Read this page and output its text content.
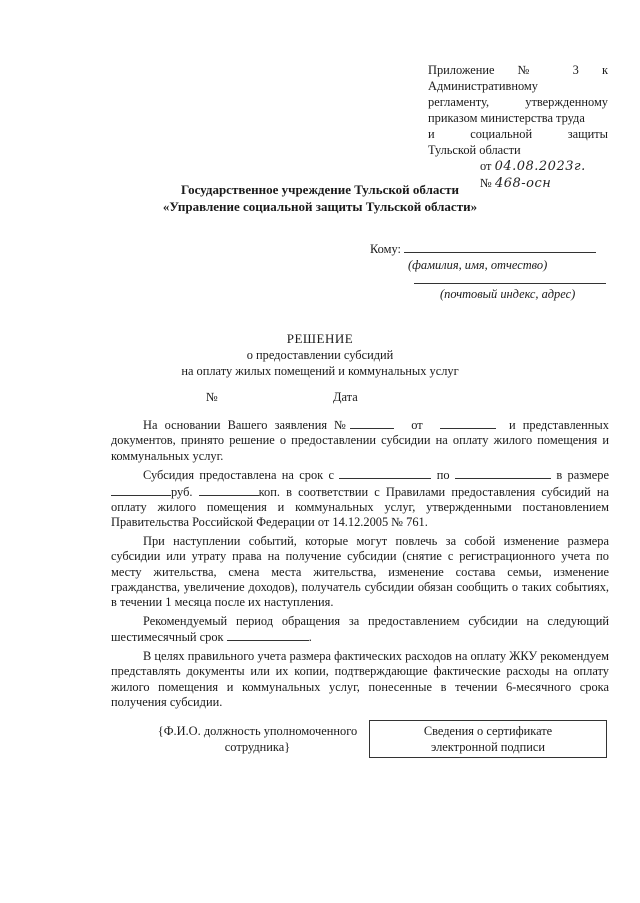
Приложение № 3 к
Административному
регламенту,	утвержденному
приказом министерства труда
и	социальной	защиты
Тульской области
от 04.08.2023г.
№ 468-осн
Государственное учреждение Тульской области
«Управление социальной защиты Тульской области»
Кому:
(фамилия, имя, отчество)
(почтовый индекс, адрес)
РЕШЕНИЕ
о предоставлении субсидий
на оплату жилых помещений и коммунальных услуг
№	Дата

На основании Вашего заявления №	от	и представленных документов, принято решение о предоставлении субсидии на оплату жилого помещения и коммунальных услуг.

Субсидия предоставлена на срок с	по	в размере руб.	коп. в соответствии с Правилами предоставления субсидий на оплату жилого помещения и коммунальных услуг, утвержденными постановлением Правительства Российской Федерации от 14.12.2005 № 761.

При наступлении событий, которые могут повлечь за собой изменение размера субсидии или утрату права на получение субсидии (снятие с регистрационного учета по месту жительства, смена места жительства, изменение состава семьи, изменение гражданства, увеличение доходов), получатель субсидии обязан сообщить о таких событиях, в течении 1 месяца после их наступления.

Рекомендуемый период обращения за предоставлением субсидии на следующий шестимесячный срок	.

В целях правильного учета размера фактических расходов на оплату ЖКУ рекомендуем представлять документы или их копии, подтверждающие фактические расходы на оплату жилого помещения и коммунальных услуг, понесенные в течении 6-месячного срока получения субсидии.

{Ф.И.О. должность уполномоченного
сотрудника}
Сведения о сертификате
электронной подписи
